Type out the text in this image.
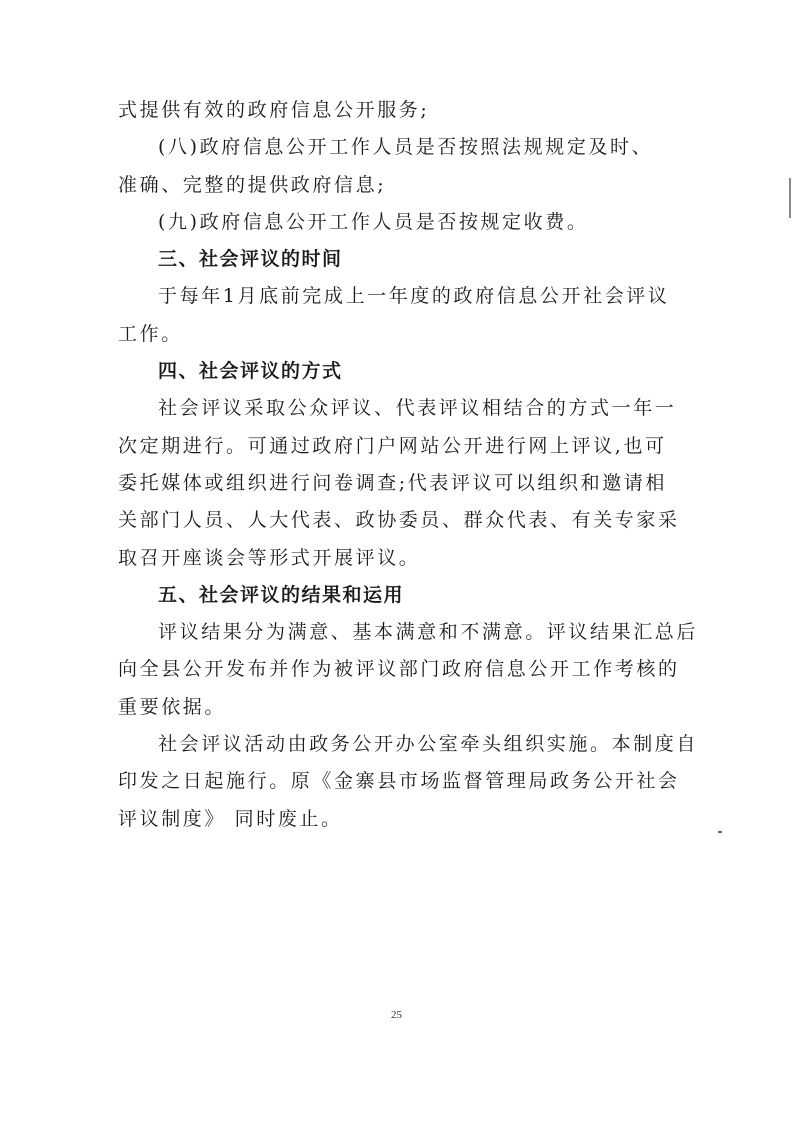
式提供有效的政府信息公开服务;
(八)政府信息公开工作人员是否按照法规规定及时、
准确、完整的提供政府信息;
(九)政府信息公开工作人员是否按规定收费。
三、社会评议的时间
于每年1月底前完成上一年度的政府信息公开社会评议
工作。
四、社会评议的方式
社会评议采取公众评议、代表评议相结合的方式一年一
次定期进行。可通过政府门户网站公开进行网上评议,也可
委托媒体或组织进行问卷调查;代表评议可以组织和邀请相
关部门人员、人大代表、政协委员、群众代表、有关专家采
取召开座谈会等形式开展评议。
五、社会评议的结果和运用
评议结果分为满意、基本满意和不满意。评议结果汇总后
向全县公开发布并作为被评议部门政府信息公开工作考核的
重要依据。
社会评议活动由政务公开办公室牵头组织实施。本制度自
印发之日起施行。原《金寨县市场监督管理局政务公开社会
评议制度》 同时废止。
25
